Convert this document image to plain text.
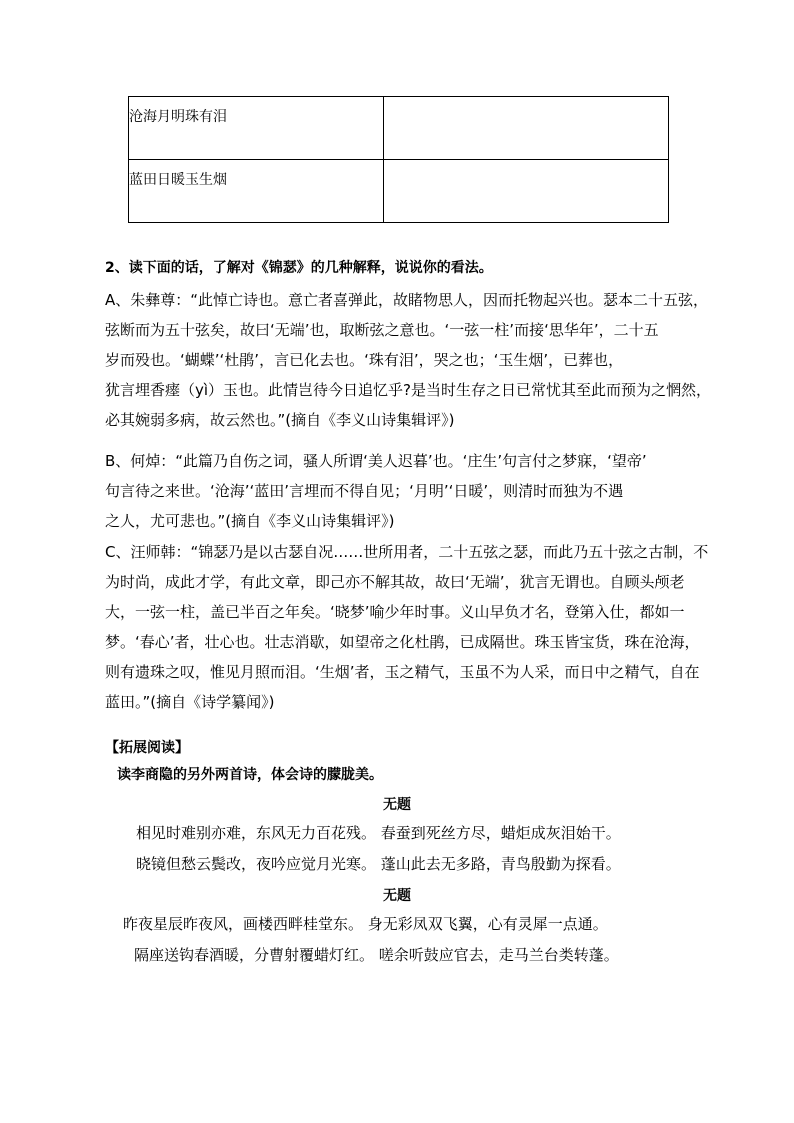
沧海月明珠有泪	
蓝田日暖玉生烟	
2、读下面的话，了解对《锦瑟》的几种解释，说说你的看法。
A、朱彝尊：“此悼亡诗也。意亡者喜弹此，故睹物思人，因而托物起兴也。瑟本二十五弦，
弦断而为五十弦矣，故曰‘无端’也，取断弦之意也。‘一弦一柱’而接‘思华年’，二十五
岁而殁也。‘蝴蝶’‘杜鹃’，言已化去也。‘珠有泪’，哭之也；‘玉生烟’，已葬也，
犹言埋香瘗（yì）玉也。此情岂待今日追忆乎?是当时生存之日已常忧其至此而预为之惘然，
必其婉弱多病，故云然也。”(摘自《李义山诗集辑评》)
B、何焯：“此篇乃自伤之词，骚人所谓‘美人迟暮’也。‘庄生’句言付之梦寐，‘望帝’
句言待之来世。‘沧海’‘蓝田’言埋而不得自见；‘月明’‘日暖’，则清时而独为不遇
之人，尤可悲也。”(摘自《李义山诗集辑评》)
C、汪师韩：“锦瑟乃是以古瑟自况……世所用者，二十五弦之瑟，而此乃五十弦之古制，不
为时尚，成此才学，有此文章，即己亦不解其故，故曰‘无端’，犹言无谓也。自顾头颅老
大，一弦一柱，盖已半百之年矣。‘晓梦’喻少年时事。义山早负才名，登第入仕，都如一
梦。‘春心’者，壮心也。壮志消歇，如望帝之化杜鹃，已成隔世。珠玉皆宝货，珠在沧海，
则有遗珠之叹，惟见月照而泪。‘生烟’者，玉之精气，玉虽不为人采，而日中之精气，自在
蓝田。”(摘自《诗学纂闻》)
【拓展阅读】
读李商隐的另外两首诗，体会诗的朦胧美。
无题
相见时难别亦难，东风无力百花残。 春蚕到死丝方尽，蜡炬成灰泪始干。
晓镜但愁云鬓改，夜吟应觉月光寒。 蓬山此去无多路，青鸟殷勤为探看。
无题
昨夜星辰昨夜风，画楼西畔桂堂东。 身无彩凤双飞翼，心有灵犀一点通。
隔座送钩春酒暖，分曹射覆蜡灯红。 嗟余听鼓应官去，走马兰台类转蓬。
